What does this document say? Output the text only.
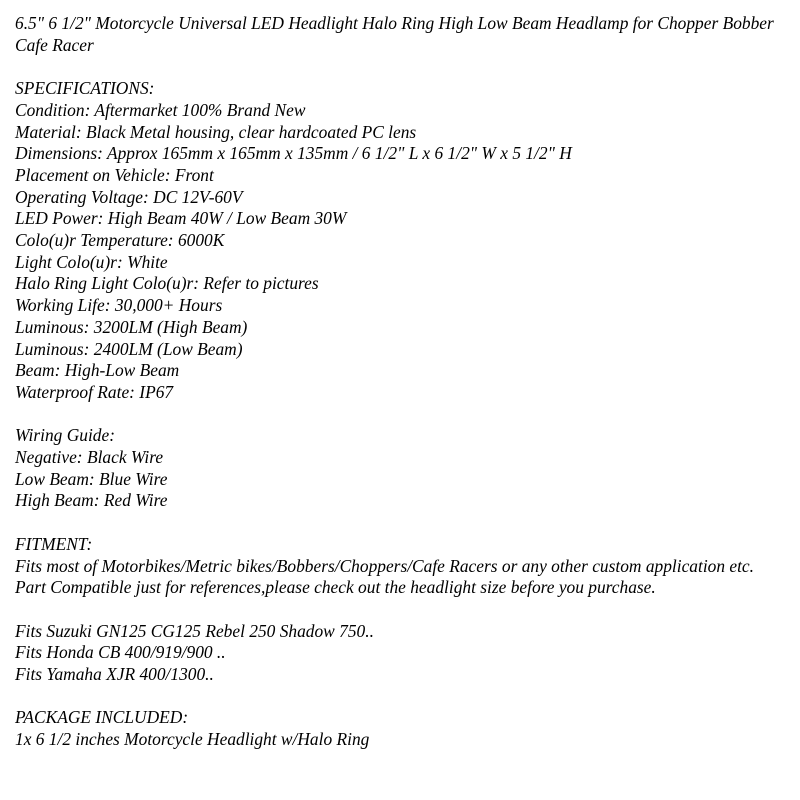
6.5" 6 1/2" Motorcycle Universal LED Headlight Halo Ring High Low Beam Headlamp for Chopper Bobber Cafe Racer
SPECIFICATIONS:
Condition: Aftermarket 100% Brand New
Material: Black Metal housing, clear hardcoated PC lens
Dimensions: Approx 165mm x 165mm x 135mm / 6 1/2" L x 6 1/2" W x 5 1/2" H
Placement on Vehicle: Front
Operating Voltage: DC 12V-60V
LED Power: High Beam 40W / Low Beam 30W
Colo(u)r Temperature: 6000K
Light Colo(u)r: White
Halo Ring Light Colo(u)r: Refer to pictures
Working Life: 30,000+ Hours
Luminous: 3200LM (High Beam)
Luminous: 2400LM (Low Beam)
Beam: High-Low Beam
Waterproof Rate: IP67
Wiring Guide:
Negative: Black Wire
Low Beam: Blue Wire
High Beam: Red Wire
FITMENT:
Fits most of Motorbikes/Metric bikes/Bobbers/Choppers/Cafe Racers or any other custom application etc.
Part Compatible just for references,please check out the headlight size before you purchase.
Fits Suzuki GN125 CG125 Rebel 250 Shadow 750..
Fits Honda CB 400/919/900 ..
Fits Yamaha XJR 400/1300..
PACKAGE INCLUDED:
1x 6 1/2 inches Motorcycle Headlight w/Halo Ring
